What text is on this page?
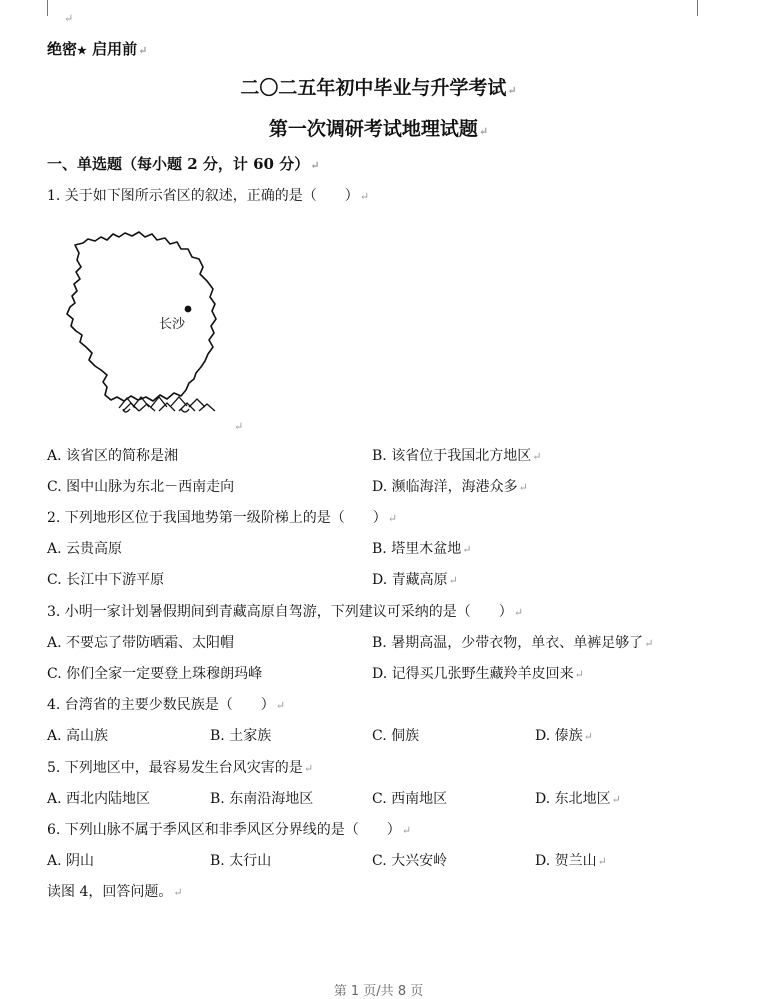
↵
绝密★ 启用前↵
二〇二五年初中毕业与升学考试↵
第一次调研考试地理试题↵
一、单选题（每小题 2 分，计 60 分）↵
1. 关于如下图所示省区的叙述，正确的是（　　）↵
长沙
↵
A. 该省区的简称是湘	B. 该省位于我国北方地区↵
C. 图中山脉为东北－西南走向	D. 濒临海洋，海港众多↵
2. 下列地形区位于我国地势第一级阶梯上的是（　　）↵
A. 云贵高原	B. 塔里木盆地↵
C. 长江中下游平原	D. 青藏高原↵
3. 小明一家计划暑假期间到青藏高原自驾游，下列建议可采纳的是（　　）↵
A. 不要忘了带防晒霜、太阳帽	B. 暑期高温，少带衣物，单衣、单裤足够了↵
C. 你们全家一定要登上珠穆朗玛峰	D. 记得买几张野生藏羚羊皮回来↵
4. 台湾省的主要少数民族是（　　）↵
A. 高山族	B. 土家族	C. 侗族	D. 傣族↵
5. 下列地区中，最容易发生台风灾害的是↵
A. 西北内陆地区	B. 东南沿海地区	C. 西南地区	D. 东北地区↵
6. 下列山脉不属于季风区和非季风区分界线的是（　　）↵
A. 阴山	B. 太行山	C. 大兴安岭	D. 贺兰山↵
读图 4，回答问题。↵
第 1 页/共 8 页
